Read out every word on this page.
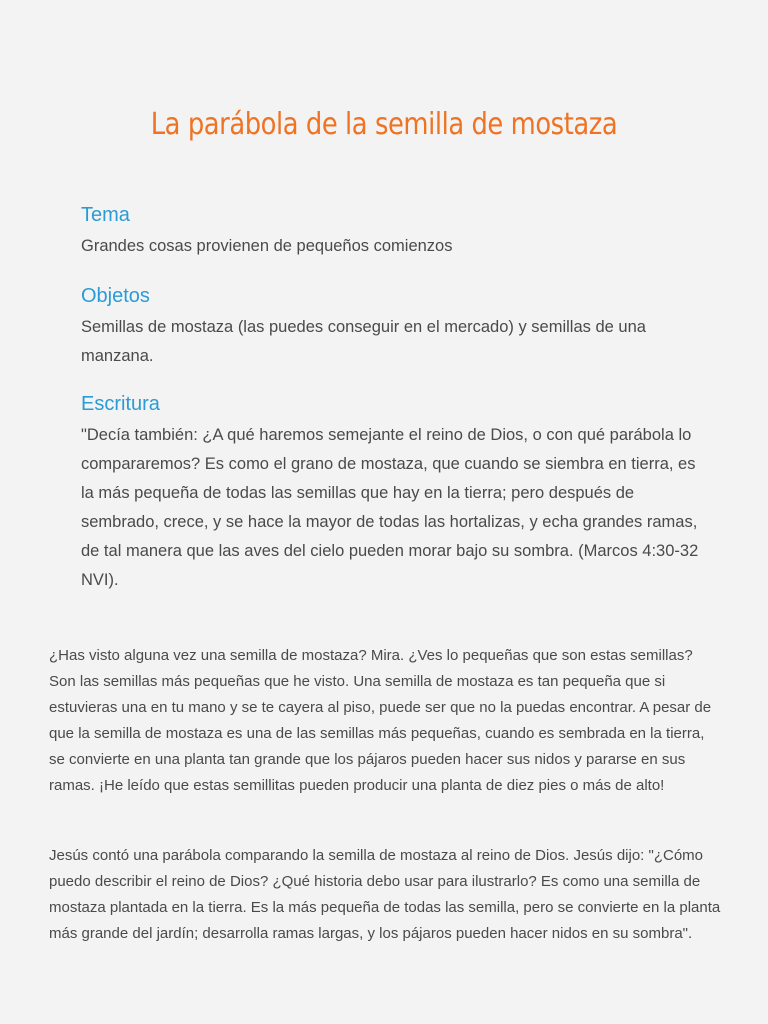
La parábola de la semilla de mostaza
Tema

Grandes cosas provienen de pequeños comienzos

Objetos

Semillas de mostaza (las puedes conseguir en el mercado) y semillas de una manzana.

Escritura

"Decía también: ¿A qué haremos semejante el reino de Dios, o con qué parábola lo compararemos? Es como el grano de mostaza, que cuando se siembra en tierra, es la más pequeña de todas las semillas que hay en la tierra; pero después de sembrado, crece, y se hace la mayor de todas las hortalizas, y echa grandes ramas, de tal manera que las aves del cielo pueden morar bajo su sombra. (Marcos 4:30-32 NVI).

¿Has visto alguna vez una semilla de mostaza? Mira. ¿Ves lo pequeñas que son estas semillas? Son las semillas más pequeñas que he visto. Una semilla de mostaza es tan pequeña que si estuvieras una en tu mano y se te cayera al piso, puede ser que no la puedas encontrar. A pesar de que la semilla de mostaza es una de las semillas más pequeñas, cuando es sembrada en la tierra, se convierte en una planta tan grande que los pájaros pueden hacer sus nidos y pararse en sus ramas. ¡He leído que estas semillitas pueden producir una planta de diez pies o más de alto!

Jesús contó una parábola comparando la semilla de mostaza al reino de Dios. Jesús dijo: "¿Cómo puedo describir el reino de Dios? ¿Qué historia debo usar para ilustrarlo? Es como una semilla de mostaza plantada en la tierra. Es la más pequeña de todas las semilla, pero se convierte en la planta más grande del jardín; desarrolla ramas largas, y los pájaros pueden hacer nidos en su sombra".
